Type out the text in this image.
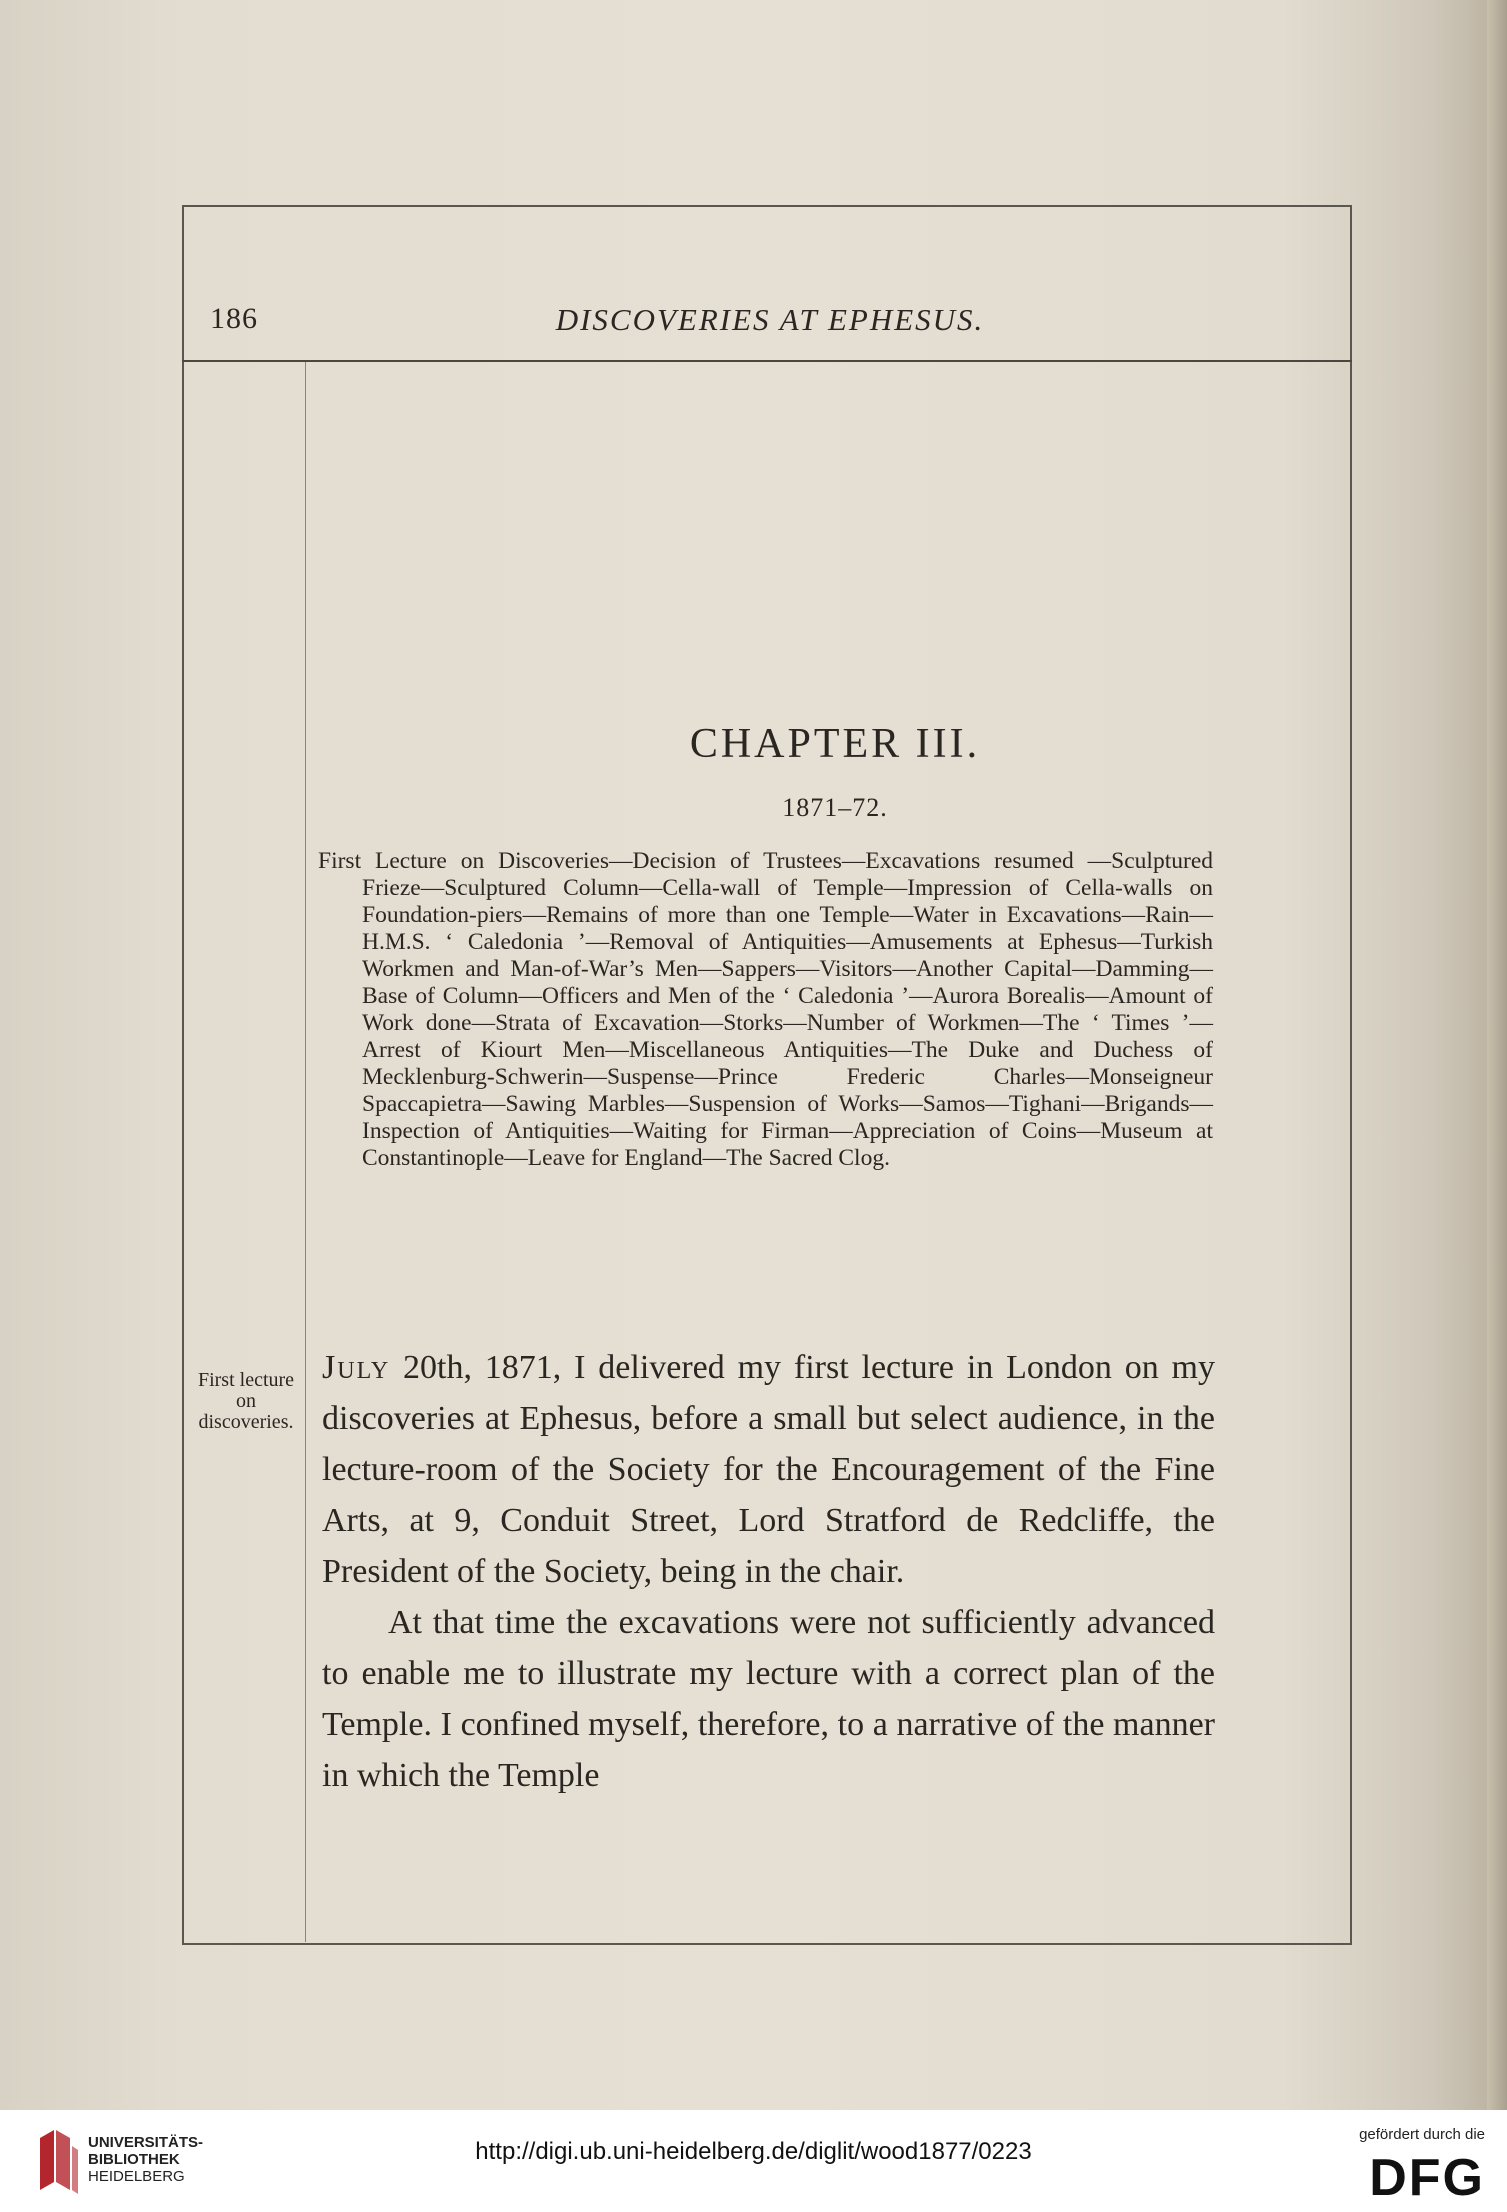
186	DISCOVERIES AT EPHESUS.
CHAPTER III.
1871–72.

First Lecture on Discoveries—Decision of Trustees—Excavations resumed —Sculptured Frieze—Sculptured Column—Cella-wall of Temple—Impression of Cella-walls on Foundation-piers—Remains of more than one Temple—Water in Excavations—Rain—H.M.S. ‘ Caledonia ’—Removal of Antiquities—Amusements at Ephesus—Turkish Workmen and Man-of-War’s Men—Sappers—Visitors—Another Capital—Damming—Base of Column—Officers and Men of the ‘ Caledonia ’—Aurora Borealis—Amount of Work done—Strata of Excavation—Storks—Number of Workmen—The ‘ Times ’—Arrest of Kiourt Men—Miscellaneous Antiquities—The Duke and Duchess of Mecklenburg-Schwerin—Suspense—Prince Frederic Charles—Monseigneur Spaccapietra—Sawing Marbles—Suspension of Works—Samos—Tighani—Brigands—Inspection of Antiquities—Waiting for Firman—Appreciation of Coins—Museum at Constantinople—Leave for England—The Sacred Clog.

First lecture on discoveries.

July 20th, 1871, I delivered my first lecture in London on my discoveries at Ephesus, before a small but select audience, in the lecture-room of the Society for the Encouragement of the Fine Arts, at 9, Conduit Street, Lord Stratford de Redcliffe, the President of the Society, being in the chair.

At that time the excavations were not sufficiently advanced to enable me to illustrate my lecture with a correct plan of the Temple. I confined myself, therefore, to a narrative of the manner in which the Temple

UNIVERSITÄTS-
BIBLIOTHEK
HEIDELBERG
http://digi.ub.uni-heidelberg.de/diglit/wood1877/0223
gefördert durch die
DFG
